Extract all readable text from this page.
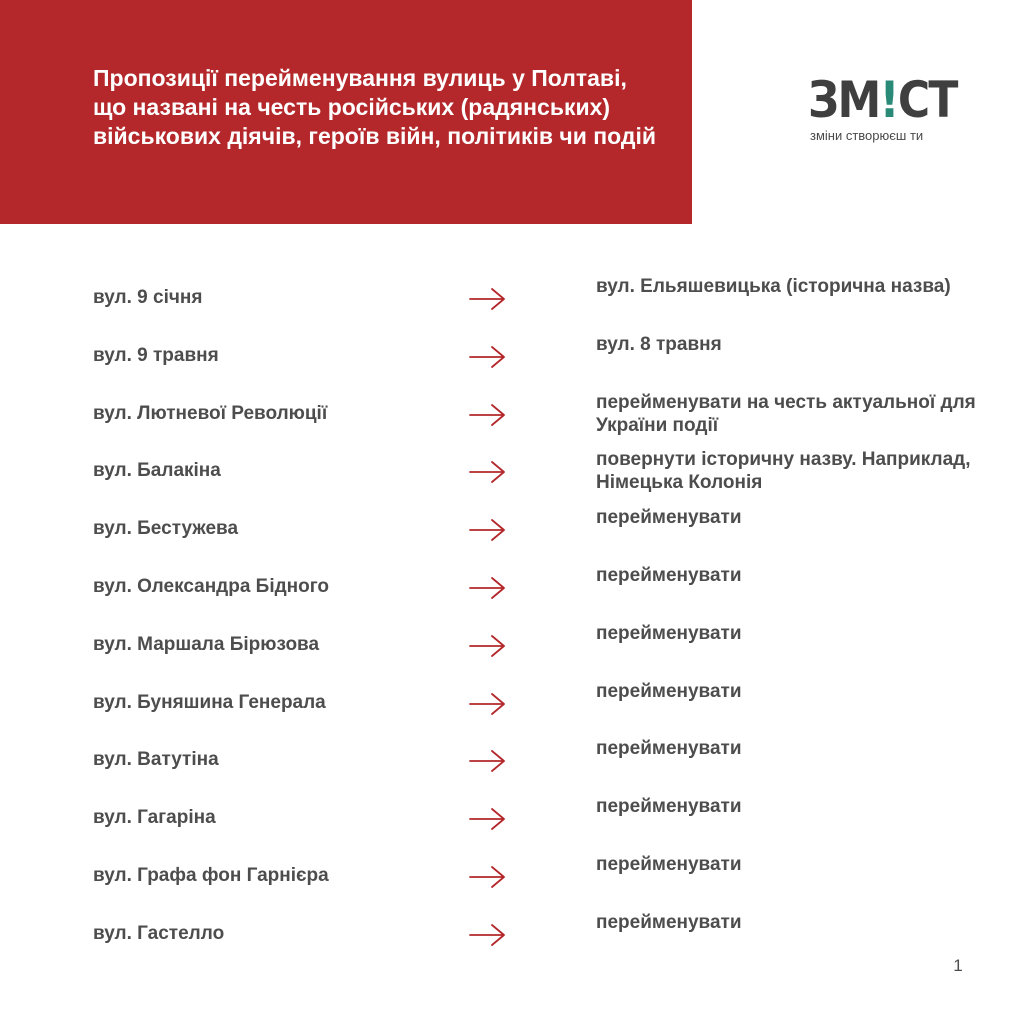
Пропозиції перейменування вулиць у Полтаві, що названі на честь російських (радянських) військових діячів, героїв війн, політиків чи подій
ЗМ!СТ
зміни створюєш ти
вул. 9 січня
вул. Ельяшевицька (історична назва)
вул. 9 травня
вул. 8 травня
вул. Лютневої Революції
перейменувати на честь актуальної для України події
вул. Балакіна
повернути історичну назву. Наприклад, Німецька Колонія
вул. Бестужева
перейменувати
вул. Олександра Бідного
перейменувати
вул. Маршала Бірюзова
перейменувати
вул. Буняшина Генерала
перейменувати
вул. Ватутіна
перейменувати
вул. Гагаріна
перейменувати
вул. Графа фон Гарнієра
перейменувати
вул. Гастелло
перейменувати
1
